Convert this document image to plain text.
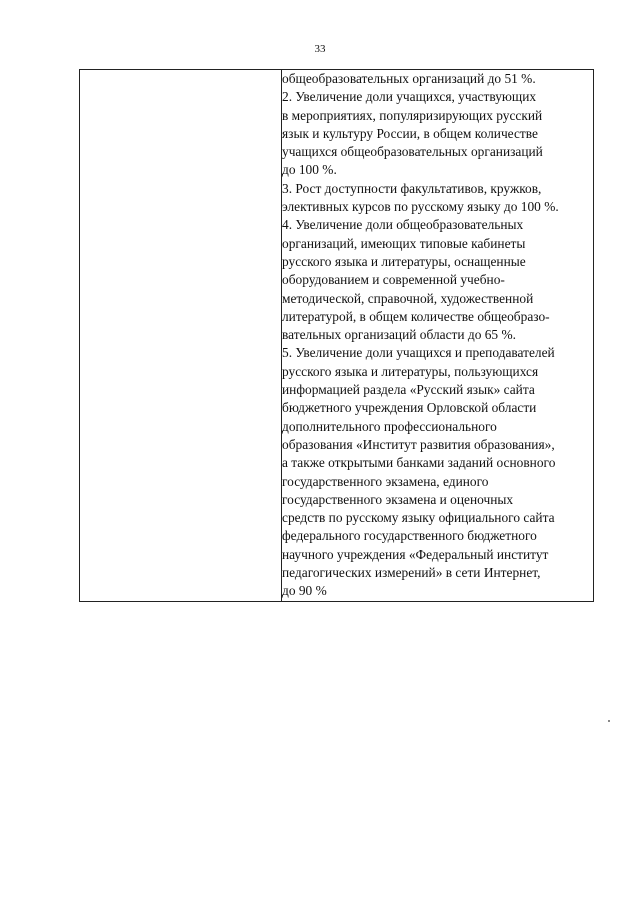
33

общеобразовательных организаций до 51 %.
2. Увеличение доли учащихся, участвующих
в мероприятиях, популяризирующих русский
язык и культуру России, в общем количестве
учащихся общеобразовательных организаций
до 100 %.
3. Рост доступности факультативов, кружков,
элективных курсов по русскому языку до 100 %.
4. Увеличение доли общеобразовательных
организаций, имеющих типовые кабинеты
русского языка и литературы, оснащенные
оборудованием и современной учебно-
методической, справочной, художественной
литературой, в общем количестве общеобразо-
вательных организаций области до 65 %.
5. Увеличение доли учащихся и преподавателей
русского языка и литературы, пользующихся
информацией раздела «Русский язык» сайта
бюджетного учреждения Орловской области
дополнительного профессионального
образования «Институт развития образования»,
а также открытыми банками заданий основного
государственного экзамена, единого
государственного экзамена и оценочных
средств по русскому языку официального сайта
федерального государственного бюджетного
научного учреждения «Федеральный институт
педагогических измерений» в сети Интернет,
до 90 %
